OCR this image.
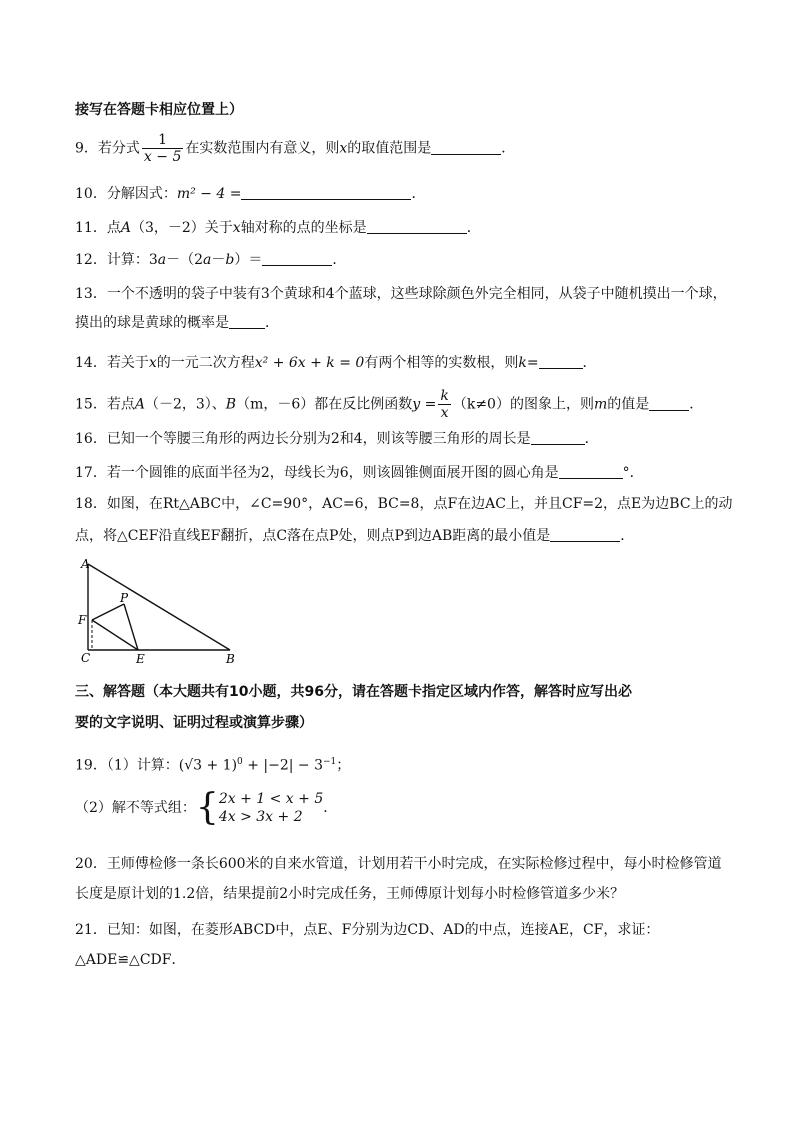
接写在答题卡相应位置上）
9．若分式 $\frac{1}{x - 5}$ 在实数范围内有意义，则x的取值范围是	．
10．分解因式：m² − 4 =	．
11．点A（3，－2）关于x轴对称的点的坐标是	．
12．计算：3a－（2a－b）＝	．
13．一个不透明的袋子中装有3个黄球和4个蓝球，这些球除颜色外完全相同，从袋子中随机摸出一个球，
摸出的球是黄球的概率是	．
14．若关于x的一元二次方程x² + 6x + k = 0有两个相等的实数根，则k=	．
15．若点A（－2，3）、B（m，－6）都在反比例函数$y = \frac{k}{x} (k\ne 0)$的图象上，则m的值是	．
16．已知一个等腰三角形的两边长分别为2和4，则该等腰三角形的周长是	．
17．若一个圆锥的底面半径为2，母线长为6，则该圆锥侧面展开图的圆心角是	°．
18．如图，在Rt△ABC中，∠C=90°，AC=6，BC=8，点F在边AC上，并且CF=2，点E为边BC上的动
点，将△CEF沿直线EF翻折，点C落在点P处，则点P到边AB距离的最小值是	．
A
P
F
C	E	B
三、解答题（本大题共有10小题，共96分，请在答题卡指定区域内作答，解答时应写出必
要的文字说明、证明过程或演算步骤）
19．（1）计算：$(√3 + 1)^0 + |-2| - 3^{-1}$；
（2）解不等式组：{ 2x + 1 < x + 5
4x > 3x + 2
．
20．王师傅检修一条长600米的自来水管道，计划用若干小时完成，在实际检修过程中，每小时检修管道
长度是原计划的1.2倍，结果提前2小时完成任务，王师傅原计划每小时检修管道多少米？
21．已知：如图，在菱形ABCD中，点E、F分别为边CD、AD的中点，连接AE，CF，求证：
△ADE≌△CDF．
